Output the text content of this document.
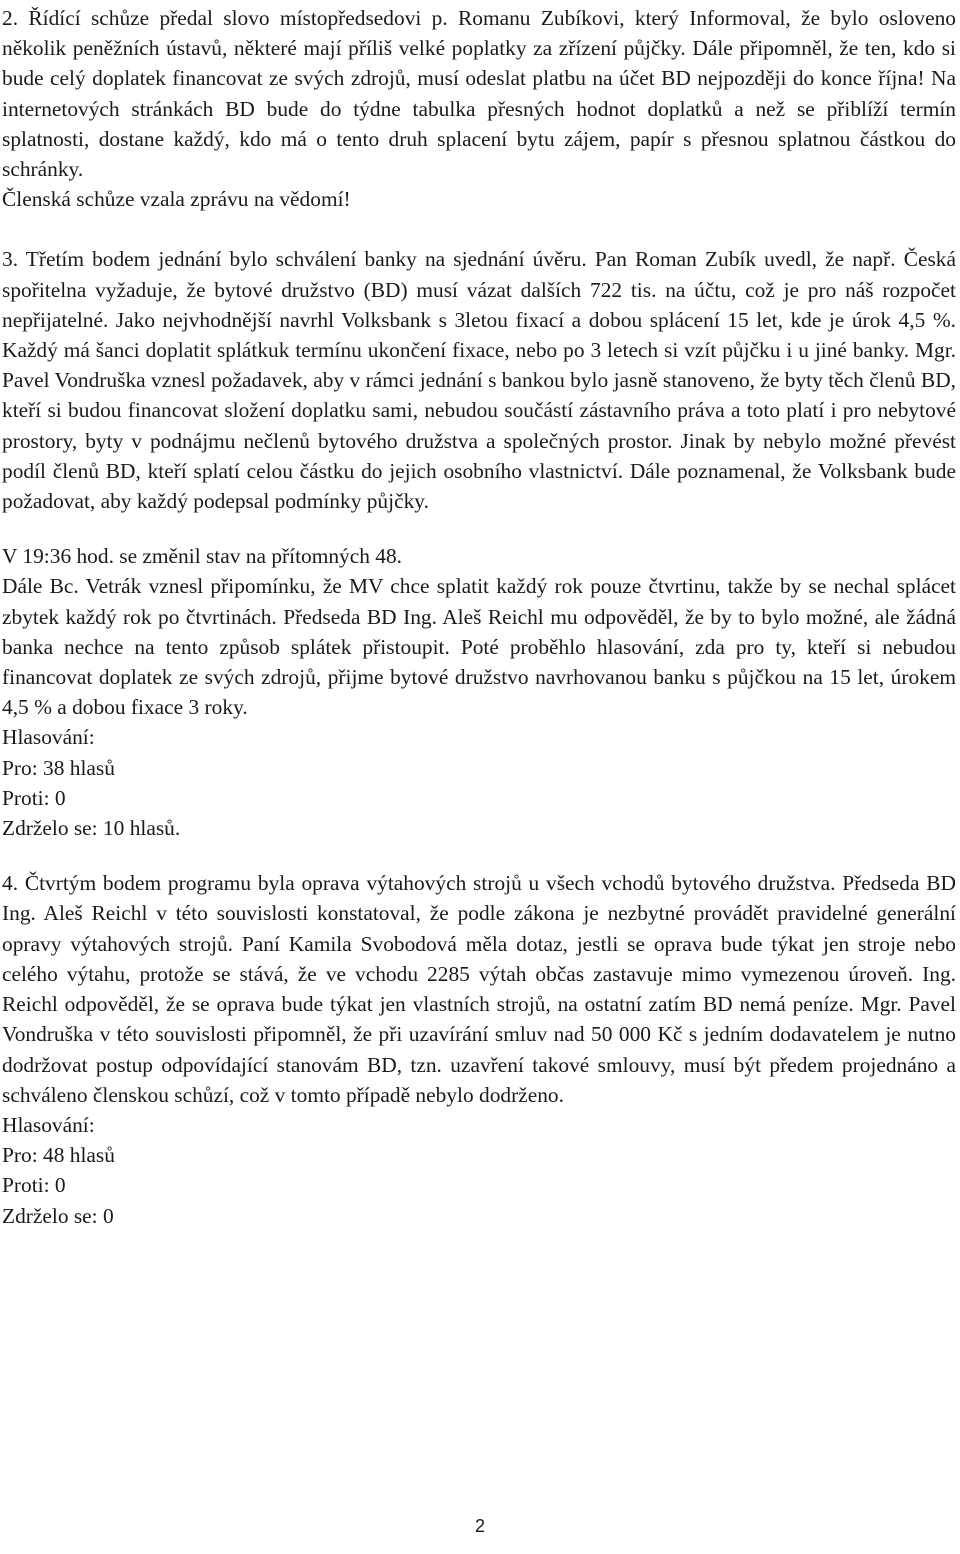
2. Řídící schůze předal slovo místopředsedovi p. Romanu Zubíkovi, který Informoval, že bylo osloveno několik peněžních ústavů, některé mají příliš velké poplatky za zřízení půjčky. Dále připomněl, že ten, kdo si bude celý doplatek financovat ze svých zdrojů, musí odeslat platbu na účet BD nejpozději do konce října! Na internetových stránkách BD bude do týdne tabulka přesných hodnot doplatků a než se přiblíží termín splatnosti, dostane každý, kdo má o tento druh splacení bytu zájem, papír s přesnou splatnou částkou do schránky.

Členská schůze vzala zprávu na vědomí!

3. Třetím bodem jednání bylo schválení banky na sjednání úvěru. Pan Roman Zubík uvedl, že např. Česká spořitelna vyžaduje, že bytové družstvo (BD) musí vázat dalších 722 tis. na účtu, což je pro náš rozpočet nepřijatelné. Jako nejvhodnější navrhl Volksbank s 3letou fixací a dobou splácení 15 let, kde je úrok 4,5 %. Každý má šanci doplatit splátkuk termínu ukončení fixace, nebo po 3 letech si vzít půjčku i u jiné banky. Mgr. Pavel Vondruška vznesl požadavek, aby v rámci jednání s bankou bylo jasně stanoveno, že byty těch členů BD, kteří si budou financovat složení doplatku sami, nebudou součástí zástavního práva a toto platí i pro nebytové prostory, byty v podnájmu nečlenů bytového družstva a společných prostor. Jinak by nebylo možné převést podíl členů BD, kteří splatí celou částku do jejich osobního vlastnictví. Dále poznamenal, že Volksbank bude požadovat, aby každý podepsal podmínky půjčky.

V 19:36 hod. se změnil stav na přítomných 48.

Dále Bc. Vetrák vznesl připomínku, že MV chce splatit každý rok pouze čtvrtinu, takže by se nechal splácet zbytek každý rok po čtvrtinách. Předseda BD Ing. Aleš Reichl mu odpověděl, že by to bylo možné, ale žádná banka nechce na tento způsob splátek přistoupit. Poté proběhlo hlasování, zda pro ty, kteří si nebudou financovat doplatek ze svých zdrojů, přijme bytové družstvo navrhovanou banku s půjčkou na 15 let, úrokem 4,5 % a dobou fixace 3 roky.

Hlasování:

Pro: 38 hlasů

Proti: 0

Zdrželo se: 10 hlasů.

4. Čtvrtým bodem programu byla oprava výtahových strojů u všech vchodů bytového družstva. Předseda BD Ing. Aleš Reichl v této souvislosti konstatoval, že podle zákona je nezbytné provádět pravidelné generální opravy výtahových strojů. Paní Kamila Svobodová měla dotaz, jestli se oprava bude týkat jen stroje nebo celého výtahu, protože se stává, že ve vchodu 2285 výtah občas zastavuje mimo vymezenou úroveň. Ing. Reichl odpověděl, že se oprava bude týkat jen vlastních strojů, na ostatní zatím BD nemá peníze. Mgr. Pavel Vondruška v této souvislosti připomněl, že při uzavírání smluv nad 50 000 Kč s jedním dodavatelem je nutno dodržovat postup odpovídající stanovám BD, tzn. uzavření takové smlouvy, musí být předem projednáno a schváleno členskou schůzí, což v tomto případě nebylo dodrženo.

Hlasování:

Pro: 48 hlasů

Proti: 0

Zdrželo se: 0

2
